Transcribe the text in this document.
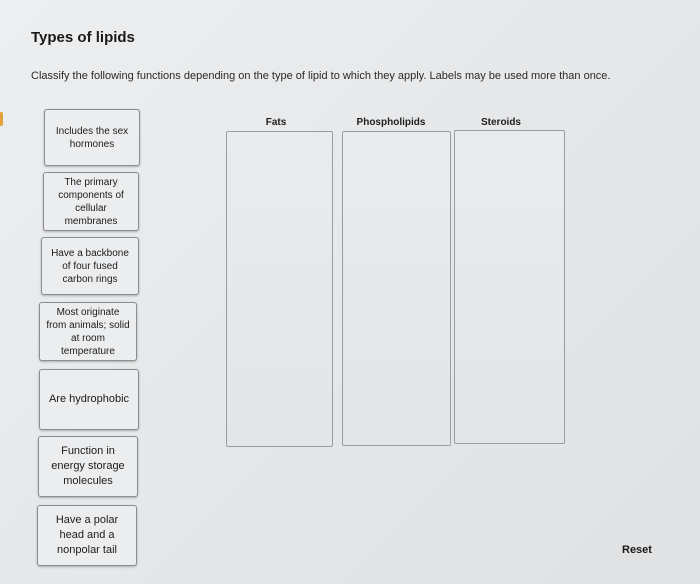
Types of lipids
Classify the following functions depending on the type of lipid to which they apply. Labels may be used more than once.
Includes the sex hormones
The primary components of cellular membranes
Have a backbone of four fused carbon rings
Most originate from animals; solid at room temperature
Are hydrophobic
Function in energy storage molecules
Have a polar head and a nonpolar tail
Fats	Phospholipids	Steroids
Reset
